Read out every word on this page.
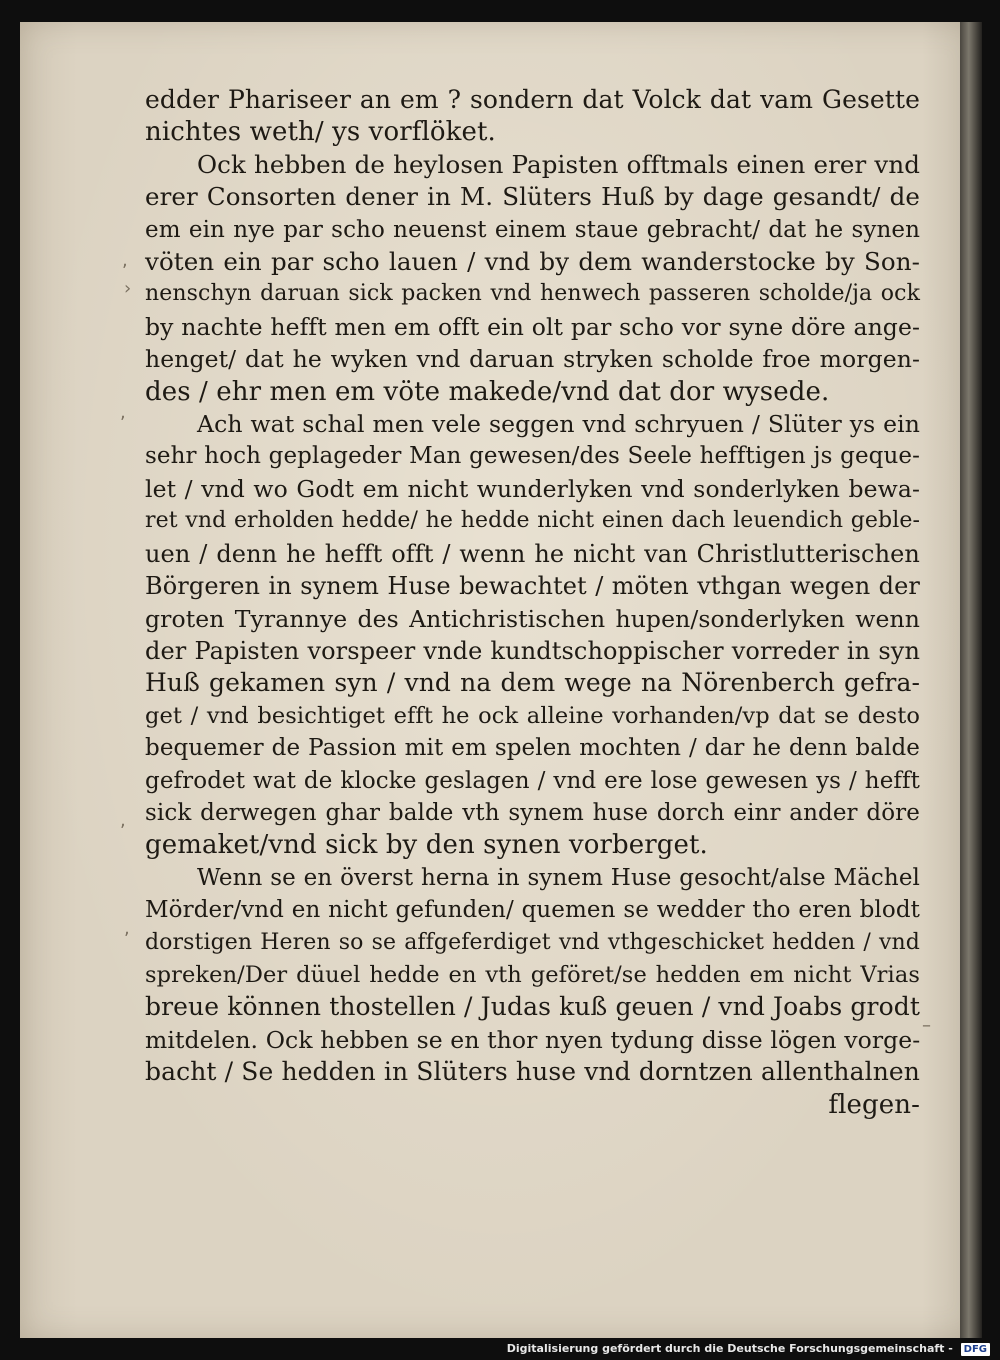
,
›
,
,
,
–
edder Phariseer an em ? sondern dat Volck dat vam Gesette
nichtes weth/ ys vorflöket.
Ock hebben de heylosen Papisten offtmals einen erer vnd
erer Consorten dener in M. Slüters Huß by dage gesandt/ de
em ein nye par scho neuenst einem staue gebracht/ dat he synen
vöten ein par scho lauen / vnd by dem wanderstocke by Son-
nenschyn daruan sick packen vnd henwech passeren scholde/ja ock
by nachte hefft men em offt ein olt par scho vor syne döre ange-
henget/ dat he wyken vnd daruan stryken scholde froe morgen-
des / ehr men em vöte makede/vnd dat dor wysede.
Ach wat schal men vele seggen vnd schryuen / Slüter ys ein
sehr hoch geplageder Man gewesen/des Seele hefftigen js geque-
let / vnd wo Godt em nicht wunderlyken vnd sonderlyken bewa-
ret vnd erholden hedde/ he hedde nicht einen dach leuendich geble-
uen / denn he hefft offt / wenn he nicht van Christlutterischen
Börgeren in synem Huse bewachtet / möten vthgan wegen der
groten Tyrannye des Antichristischen hupen/sonderlyken wenn
der Papisten vorspeer vnde kundtschoppischer vorreder in syn
Huß gekamen syn / vnd na dem wege na Nörenberch gefra-
get / vnd besichtiget efft he ock alleine vorhanden/vp dat se desto
bequemer de Passion mit em spelen mochten / dar he denn balde
gefrodet wat de klocke geslagen / vnd ere lose gewesen ys / hefft
sick derwegen ghar balde vth synem huse dorch einr ander döre
gemaket/vnd sick by den synen vorberget.
Wenn se en överst herna in synem Huse gesocht/alse Mächel
Mörder/vnd en nicht gefunden/ quemen se wedder tho eren blodt
dorstigen Heren so se affgeferdiget vnd vthgeschicket hedden / vnd
spreken/Der düuel hedde en vth geföret/se hedden em nicht Vrias
breue können thostellen / Judas kuß geuen / vnd Joabs grodt
mitdelen. Ock hebben se en thor nyen tydung disse lögen vorge-
bacht / Se hedden in Slüters huse vnd dorntzen allenthalnen
flegen-
Digitalisierung gefördert durch die Deutsche Forschungsgemeinschaft - DFG
